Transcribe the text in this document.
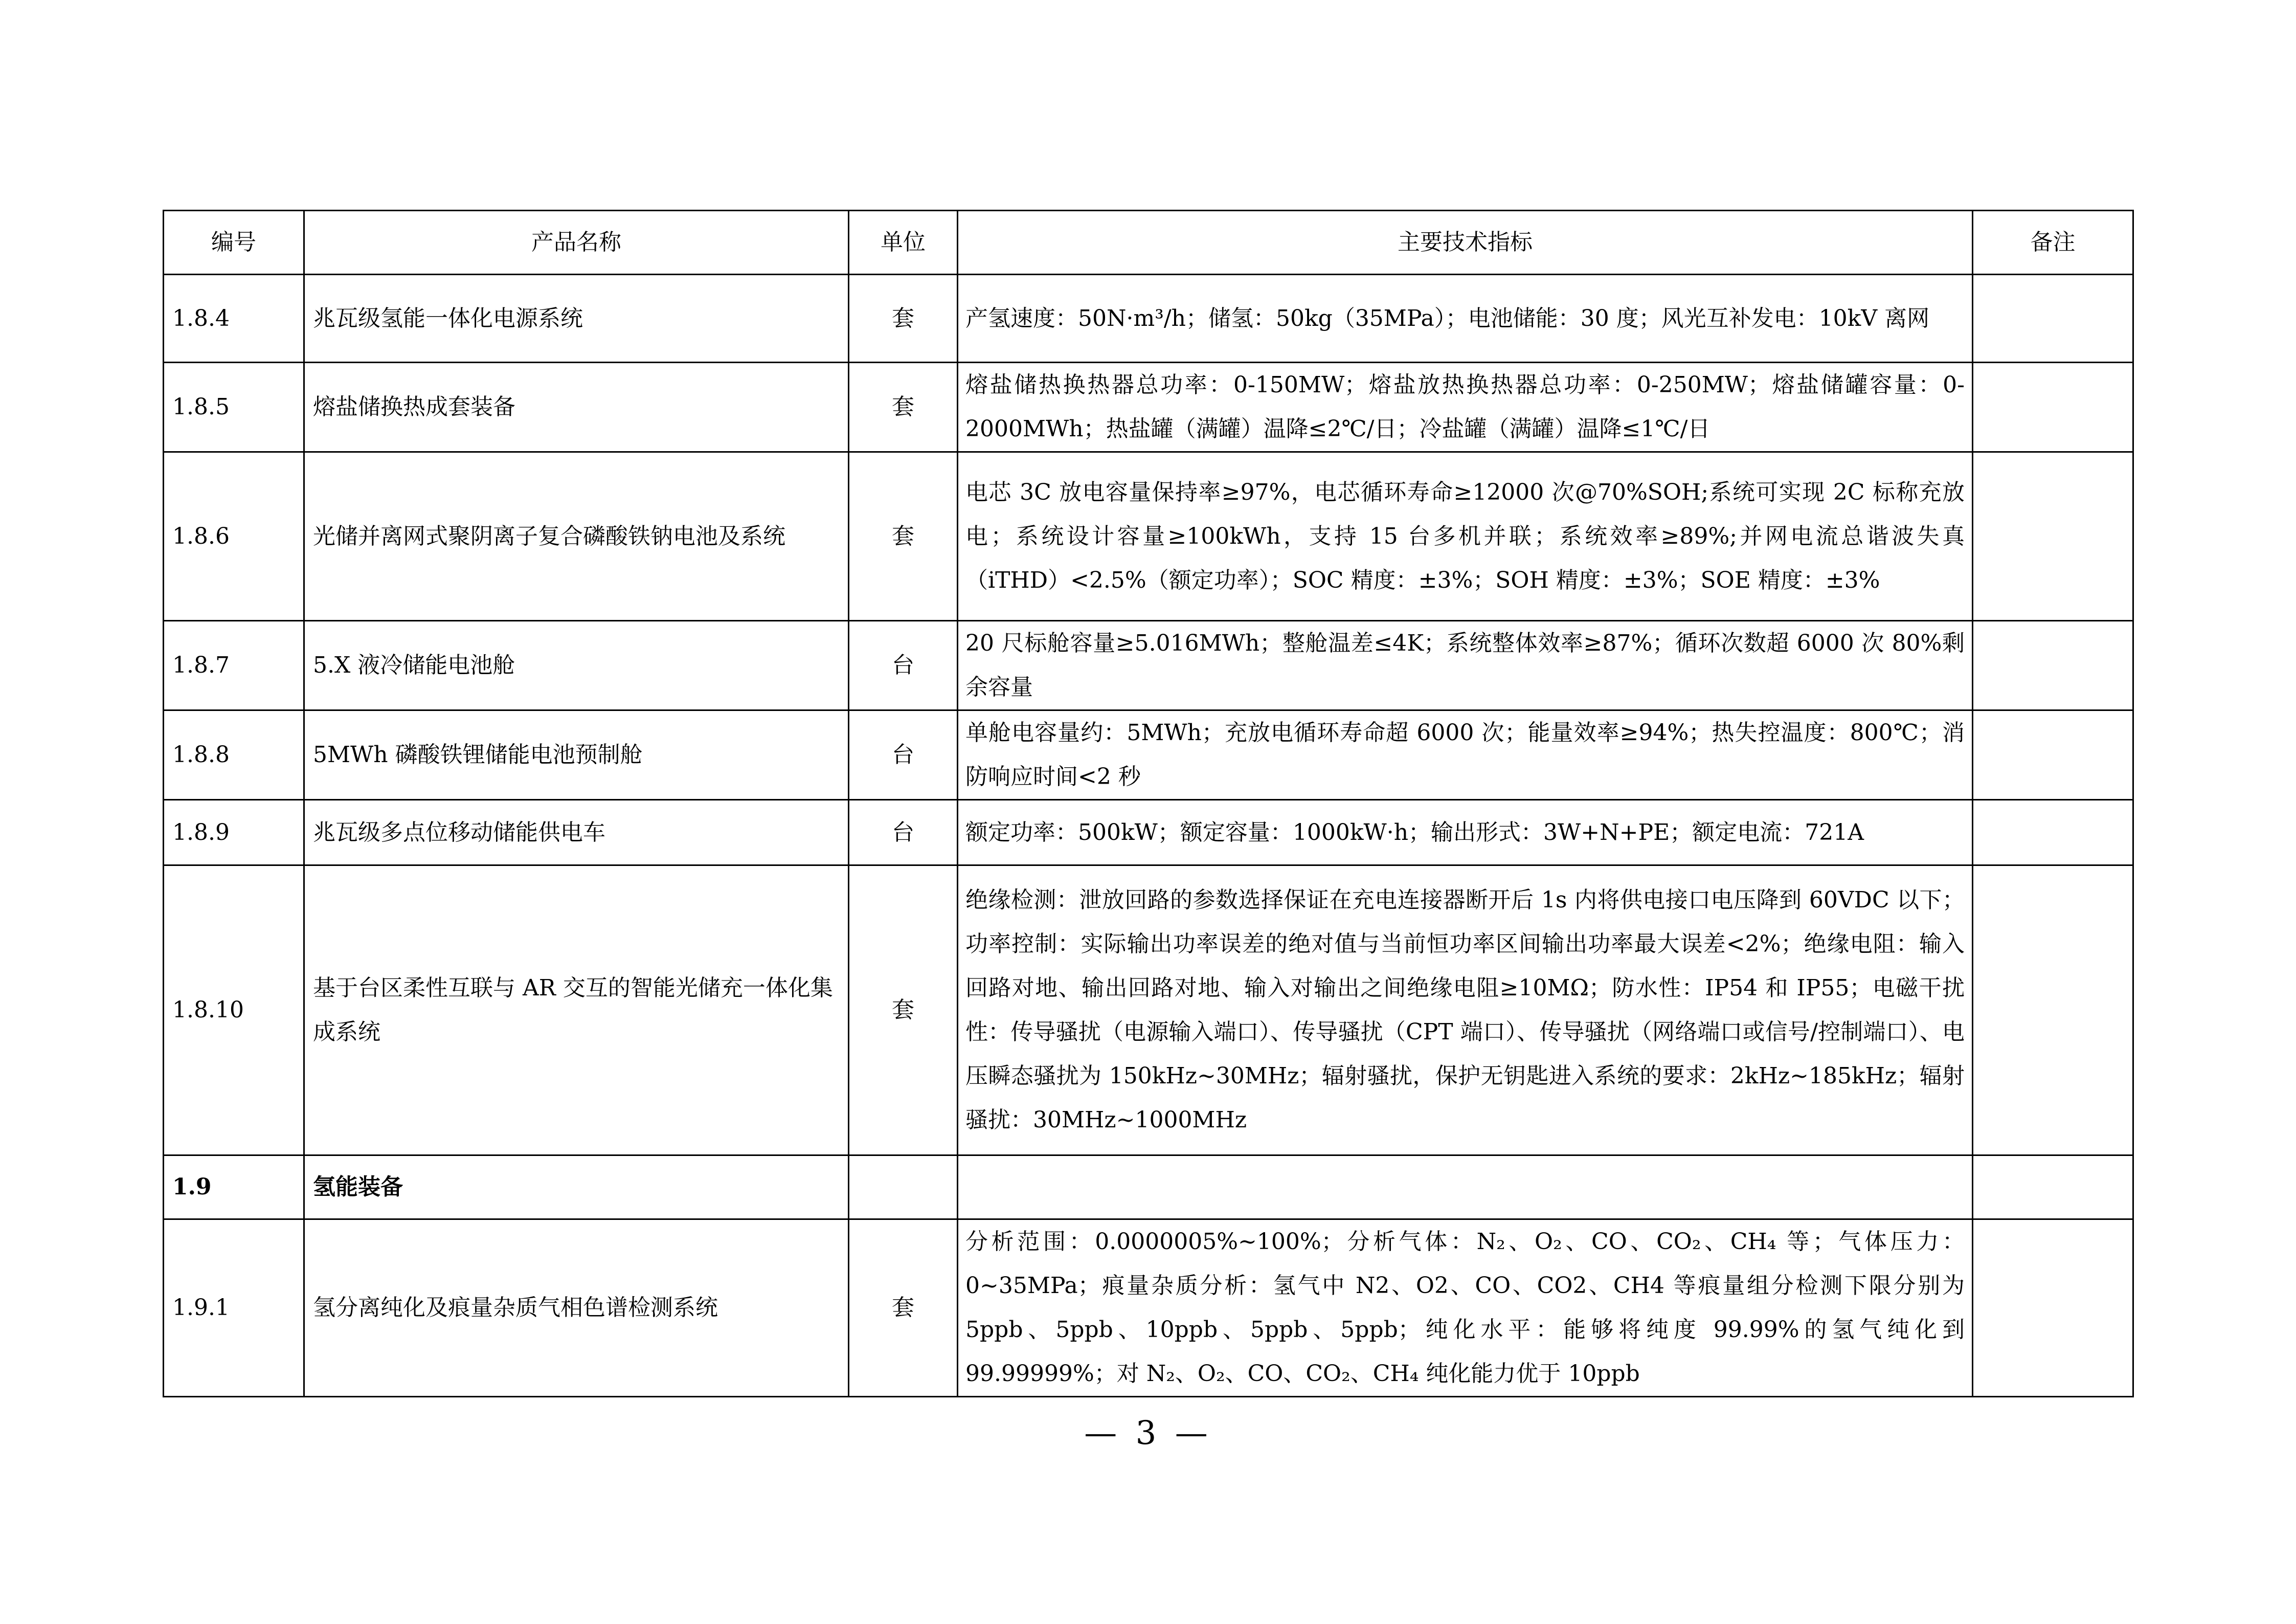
编号	产品名称	单位	主要技术指标	备注
1.8.4	兆瓦级氢能一体化电源系统	套	产氢速度：50N·m³/h；储氢：50kg（35MPa）；电池储能：30 度；风光互补发电：10kV 离网	
1.8.5	熔盐储换热成套装备	套	熔盐储热换热器总功率：0-150MW；熔盐放热换热器总功率：0-250MW；熔盐储罐容量：0-2000MWh；热盐罐（满罐）温降≤2℃/日；冷盐罐（满罐）温降≤1℃/日	
1.8.6	光储并离网式聚阴离子复合磷酸铁钠电池及系统	套	电芯 3C 放电容量保持率≥97%，电芯循环寿命≥12000 次@70%SOH;系统可实现 2C 标称充放电；系统设计容量≥100kWh，支持 15 台多机并联；系统效率≥89%;并网电流总谐波失真（iTHD）<2.5%（额定功率）；SOC 精度：±3%；SOH 精度：±3%；SOE 精度：±3%	
1.8.7	5.X 液冷储能电池舱	台	20 尺标舱容量≥5.016MWh；整舱温差≤4K；系统整体效率≥87%；循环次数超 6000 次 80%剩余容量	
1.8.8	5MWh 磷酸铁锂储能电池预制舱	台	单舱电容量约：5MWh；充放电循环寿命超 6000 次；能量效率≥94%；热失控温度：800℃；消防响应时间<2 秒	
1.8.9	兆瓦级多点位移动储能供电车	台	额定功率：500kW；额定容量：1000kW·h；输出形式：3W+N+PE；额定电流：721A	
1.8.10	基于台区柔性互联与 AR 交互的智能光储充一体化集成系统	套	绝缘检测：泄放回路的参数选择保证在充电连接器断开后 1s 内将供电接口电压降到 60VDC 以下；功率控制：实际输出功率误差的绝对值与当前恒功率区间输出功率最大误差<2%；绝缘电阻：输入回路对地、输出回路对地、输入对输出之间绝缘电阻≥10MΩ；防水性：IP54 和 IP55；电磁干扰性：传导骚扰（电源输入端口）、传导骚扰（CPT 端口）、传导骚扰（网络端口或信号/控制端口）、电压瞬态骚扰为 150kHz~30MHz；辐射骚扰，保护无钥匙进入系统的要求：2kHz~185kHz；辐射骚扰：30MHz~1000MHz	
1.9	氢能装备			
1.9.1	氢分离纯化及痕量杂质气相色谱检测系统	套	分析范围：0.0000005%~100%；分析气体：N₂、O₂、CO、CO₂、CH₄ 等；气体压力：0~35MPa；痕量杂质分析：氢气中 N2、O2、CO、CO2、CH4 等痕量组分检测下限分别为 5ppb、5ppb、10ppb、5ppb、5ppb；纯化水平：能够将纯度 99.99%的氢气纯化到 99.99999%；对 N₂、O₂、CO、CO₂、CH₄ 纯化能力优于 10ppb	
— 3 —
